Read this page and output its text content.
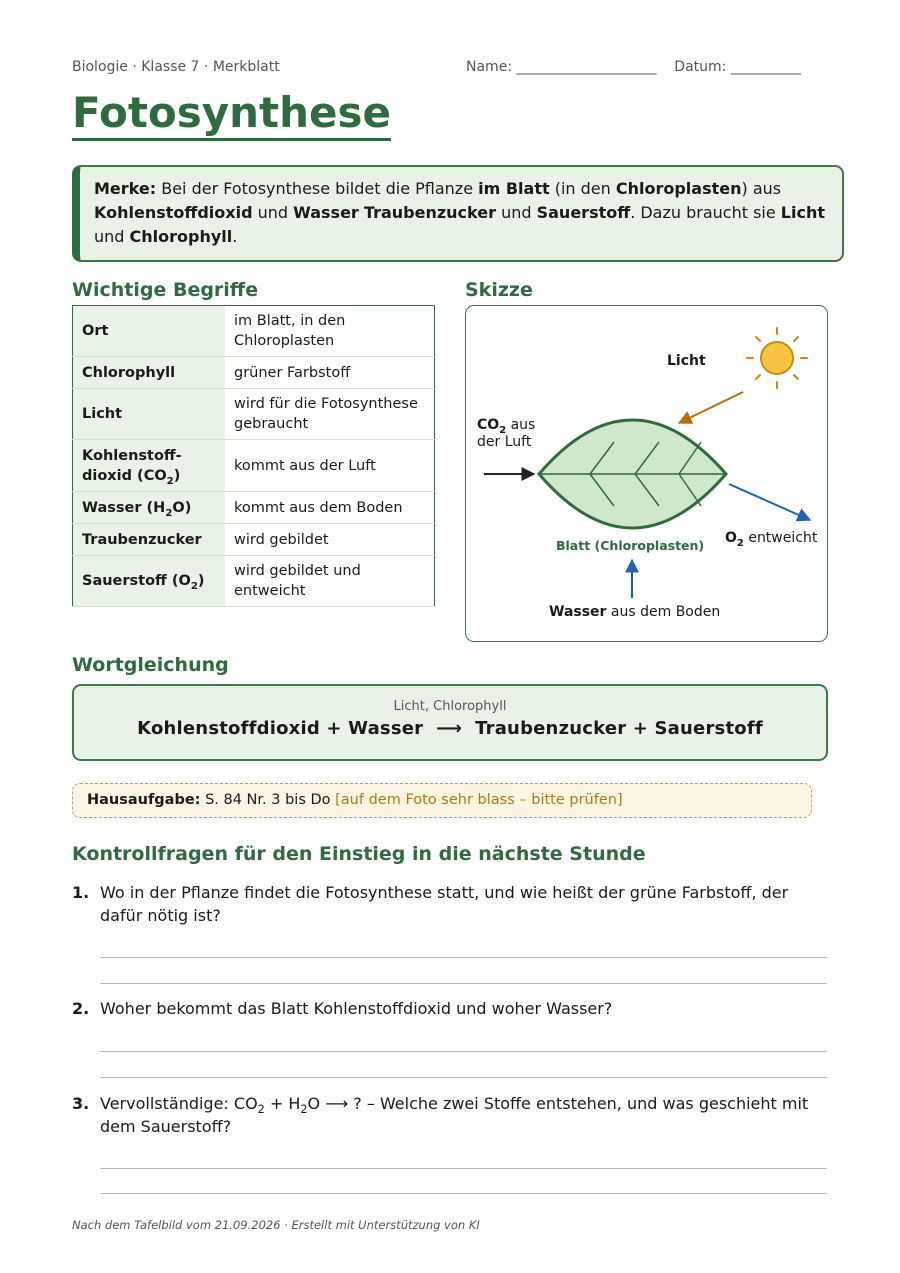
Biologie · Klasse 7 · Merkblatt	Name: ____________________ Datum: __________
Fotosynthese
Merke: Bei der Fotosynthese bildet die Pflanze im Blatt (in den Chloroplasten) aus Kohlenstoffdioxid und Wasser Traubenzucker und Sauerstoff. Dazu braucht sie Licht und Chlorophyll.
Wichtige Begriffe
Ort	im Blatt, in den Chloroplasten
Chlorophyll	grüner Farbstoff
Licht	wird für die Fotosynthese gebraucht
Kohlenstoff-
dioxid $(CO_2)$	kommt aus der Luft
Wasser $(H_2O)$	kommt aus dem Boden
Traubenzucker	wird gebildet
Sauerstoff $(O_2)$	wird gebildet und entweicht
Skizze
Licht
$CO_2$ aus
der Luft
Blatt (Chloroplasten) $O_2$ entweicht
Wasser aus dem Boden
Wortgleichung
Licht, Chlorophyll
Kohlenstoffdioxid + Wasser ⟶ Traubenzucker + Sauerstoff
Hausaufgabe: S. 84 Nr. 3 bis Do [auf dem Foto sehr blass – bitte prüfen]
Kontrollfragen für den Einstieg in die nächste Stunde
1. Wo in der Pflanze findet die Fotosynthese statt, und wie heißt der grüne Farbstoff, der dafür nötig ist?
2. Woher bekommt das Blatt Kohlenstoffdioxid und woher Wasser?
3. Vervollständige: $CO_2 + H_2O$ ⟶ ? – Welche zwei Stoffe entstehen, und was geschieht mit dem Sauerstoff?
Nach dem Tafelbild vom 21.09.2026 · Erstellt mit Unterstützung von KI
